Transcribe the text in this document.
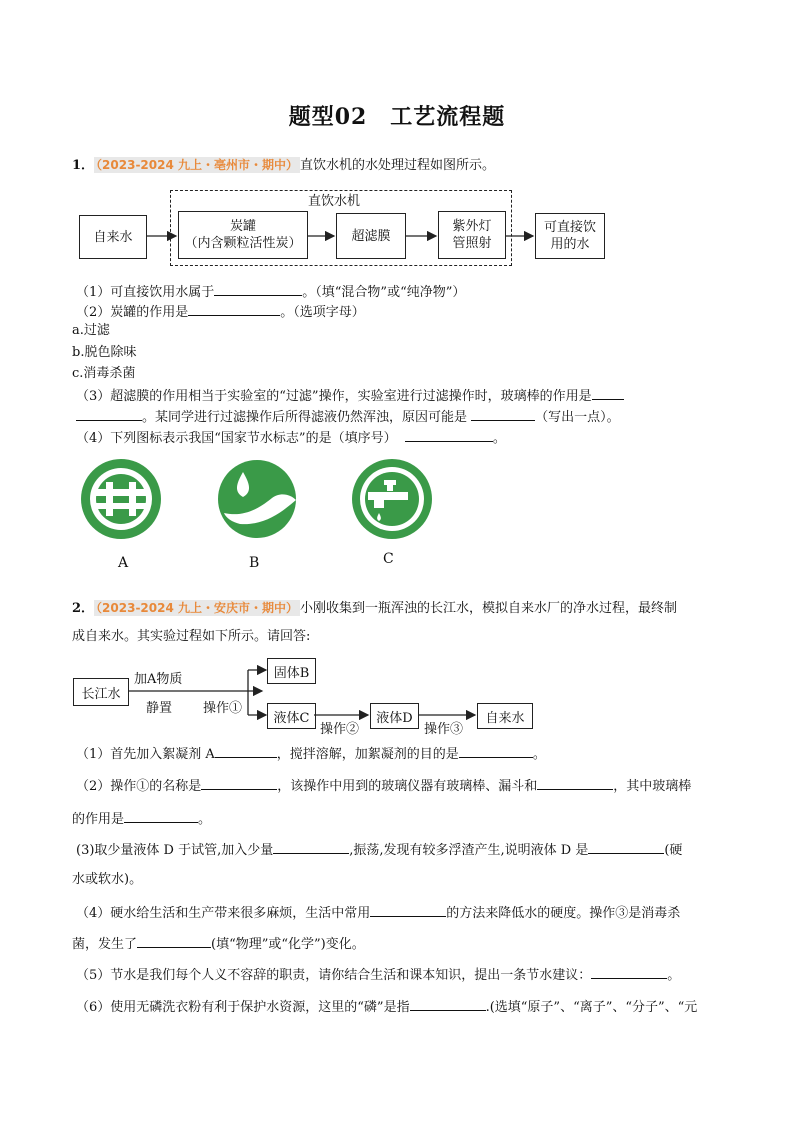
题型02　工艺流程题
1． （2023-2024 九上・亳州市・期中） 直饮水机的水处理过程如图所示。
直饮水机
自来水
炭罐
（内含颗粒活性炭）	超滤膜
紫外灯
管照射
可直接饮
用的水
（1）可直接饮用水属于	。（填“混合物”或“纯净物”）
（2）炭罐的作用是	。（选项字母）
a.过滤
b.脱色除味
c.消毒杀菌
（3）超滤膜的作用相当于实验室的“过滤”操作，实验室进行过滤操作时，玻璃棒的作用是
。某同学进行过滤操作后所得滤液仍然浑浊，原因可能是	（写出一点）。
（4）下列图标表示我国“国家节水标志”的是（填序号）	。
A	B	C
2． （2023-2024 九上・安庆市・期中） 小刚收集到一瓶浑浊的长江水，模拟自来水厂的净水过程，最终制
成自来水。其实验过程如下所示。请回答:
长江水
加A物质
静置 操作①
固体B
液体C
操作②
液体D
操作③
自来水
（1）首先加入絮凝剂 A	，搅拌溶解，加絮凝剂的目的是	。
（2）操作①的名称是	，该操作中用到的玻璃仪器有玻璃棒、漏斗和	，其中玻璃棒
的作用是	。
(3)取少量液体 D 于试管,加入少量	,振荡,发现有较多浮渣产生,说明液体 D 是	(硬
水或软水)。
（4）硬水给生活和生产带来很多麻烦，生活中常用	的方法来降低水的硬度。操作③是消毒杀
菌，发生了	(填“物理”或“化学”)变化。
（5）节水是我们每个人义不容辞的职责，请你结合生活和课本知识，提出一条节水建议：	。
（6）使用无磷洗衣粉有利于保护水资源，这里的“磷”是指	.(选填“原子”、“离子”、“分子”、“元
